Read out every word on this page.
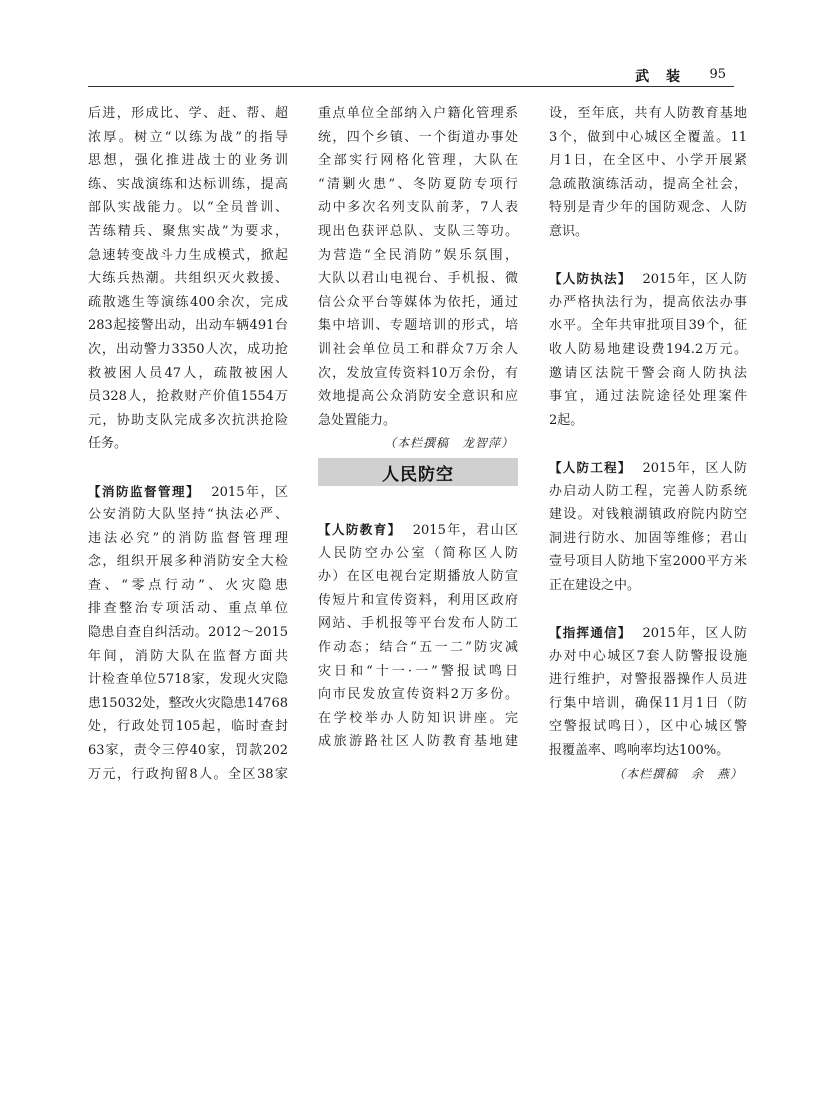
武 装 95
后进，形成比、学、赶、帮、超
浓厚。树立“以练为战”的指导
思想，强化推进战士的业务训
练、实战演练和达标训练，提高
部队实战能力。以“全员普训、
苦练精兵、聚焦实战”为要求，
急速转变战斗力生成模式，掀起
大练兵热潮。共组织灭火救援、
疏散逃生等演练400余次，完成
283起接警出动，出动车辆491台
次，出动警力3350人次，成功抢
救被困人员47人，疏散被困人
员328人，抢救财产价值1554万
元，协助支队完成多次抗洪抢险
任务。
【消防监督管理】 2015年，区
公安消防大队坚持“执法必严、
违法必究”的消防监督管理理
念，组织开展多种消防安全大检
查、“零点行动”、火灾隐患
排查整治专项活动、重点单位
隐患自查自纠活动。2012～2015
年间，消防大队在监督方面共
计检查单位5718家，发现火灾隐
患15032处，整改火灾隐患14768
处，行政处罚105起，临时查封
63家，责令三停40家，罚款202
万元，行政拘留8人。全区38家
重点单位全部纳入户籍化管理系
统，四个乡镇、一个街道办事处
全部实行网格化管理，大队在
“清剿火患”、冬防夏防专项行
动中多次名列支队前茅，7人表
现出色获评总队、支队三等功。
为营造“全民消防”娱乐氛围，
大队以君山电视台、手机报、微
信公众平台等媒体为依托，通过
集中培训、专题培训的形式，培
训社会单位员工和群众7万余人
次，发放宣传资料10万余份，有
效地提高公众消防安全意识和应
急处置能力。
（本栏撰稿　龙智萍）
人民防空
【人防教育】 2015年，君山区
人民防空办公室（简称区人防
办）在区电视台定期播放人防宣
传短片和宣传资料，利用区政府
网站、手机报等平台发布人防工
作动态；结合“五一二”防灾减
灾日和“十一·一”警报试鸣日
向市民发放宣传资料2万多份。
在学校举办人防知识讲座。完
成旅游路社区人防教育基地建
设，至年底，共有人防教育基地
3个，做到中心城区全覆盖。11
月1日，在全区中、小学开展紧
急疏散演练活动，提高全社会，
特别是青少年的国防观念、人防
意识。
【人防执法】 2015年，区人防
办严格执法行为，提高依法办事
水平。全年共审批项目39个，征
收人防易地建设费194.2万元。
邀请区法院干警会商人防执法
事宜，通过法院途径处理案件
2起。
【人防工程】 2015年，区人防
办启动人防工程，完善人防系统
建设。对钱粮湖镇政府院内防空
洞进行防水、加固等维修；君山
壹号项目人防地下室2000平方米
正在建设之中。
【指挥通信】 2015年，区人防
办对中心城区7套人防警报设施
进行维护，对警报器操作人员进
行集中培训，确保11月1日（防
空警报试鸣日），区中心城区警
报覆盖率、鸣响率均达100%。
（本栏撰稿　余　燕）
